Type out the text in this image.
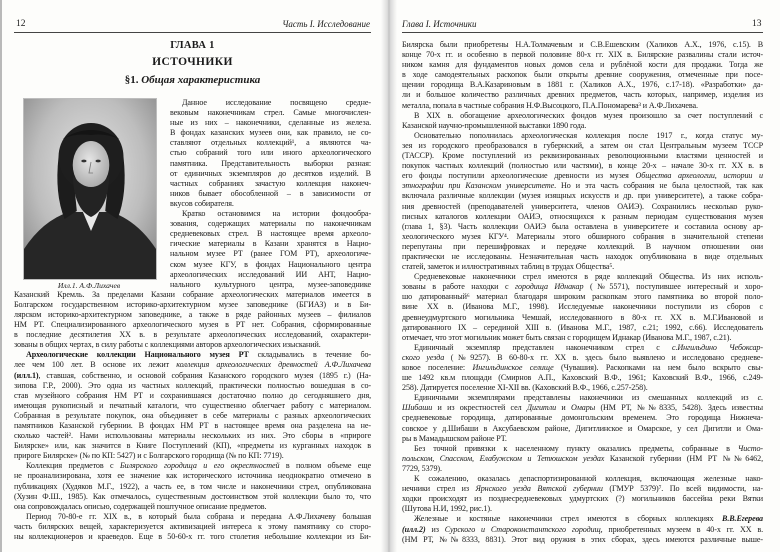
12	Часть I. Исследование
ГЛАВА 1
ИСТОЧНИКИ
§1. Общая характеристика
Илл.1. А.Ф.Лихачев
Данное исследование посвящено средне-
вековым наконечникам стрел. Самые многочислен-
ные из них – наконечники, сделанные из железа.
В фондах казанских музеев они, как правило, не со-
ставляют отдельных коллекций¹, а являются ча-
стью собраний того или иного археологического
памятника. Представительность выборки разная:
от единичных экземпляров до десятков изделий. В
частных собраниях зачастую коллекция наконеч-
ников бывает обособленной – в зависимости от
вкусов собирателя.
Кратко остановимся на истории фондообра-
зования, содержащих материалы по наконечникам
средневековых стрел. В настоящее время археоло-
гические материалы в Казани хранятся в Нацио-
нальном музее РТ (ранее ГОМ РТ), археологиче-
ском музее КГУ, в фондах Национального центра
археологических исследований ИИ АНТ, Нацио-
нального культурного центра, музее-заповеднике
Казанский Кремль. За пределами Казани собрание археологических материалов имеется в
Болгарском государственном историко-архитектурном музее заповеднике (БГИАЗ) и в Би-
лярском историко-архитектурном заповеднике, а также в ряде районных музеев – филиалов
НМ РТ. Специализированного археологического музея в РТ нет. Собрания, сформированные
в последние десятилетия XX в. в результате археологических исследований, охарактери-
зованы в общих чертах, в силу работы с коллекциями авторов археологических изысканий.
Археологические коллекции Национального музея РТ складывались в течение бо-
лее чем 100 лет. В основе их лежит коллекция археологических древностей А.Ф.Лихачева
(илл.1), ставшая, собственно, и основой собрания Казанского городского музея (1895 г.) (На-
зипова Г.Р., 2000). Это одна из частных коллекций, практически полностью вошедшая в со-
став музейного собрания НМ РТ и сохранившаяся достаточно полно до сегодняшнего дня,
имеющая рукописный и печатный каталоги, что существенно облегчает работу с материалом.
Собранная в результате покупок, она объединяет в себе материалы с разных археологических
памятников Казанской губернии. В фондах НМ РТ в настоящее время она разделена на не-
сколько частей². Нами использованы материалы нескольких из них. Это сборы в «прироге
Билярске» или, как значится в Книге Поступлений (КП), «предметы из курганных находок в
прироге Билярске» (№ по КП: 5427) и с Болгарского городища (№ по КП: 7719).
Коллекция предметов с Билярского городища и его окрестностей в полном объеме еще
не проанализирована, хотя ее значение как исторического источника неоднократно отмечено в
публикациях (Худяков М.Г., 1922), а часть ее, в том числе и наконечники стрел, опубликована
(Хузин Ф.Ш., 1985). Как отмечалось, существенным достоинством этой коллекции было то, что
она сопровождалась описью, содержащей поштучное описание предметов.
Период 70-80-е гг. XIX в., в который была собрана и передана А.Ф.Лихачеву большая
часть билярских вещей, характеризуется активизацией интереса к этому памятнику со сторо-
ны коллекционеров и краеведов. Еще в 50-60-х гг. того столетия небольшие коллекции из Би-
Глава I. Источники	13
Билярска были приобретены Н.А.Толмачевым и С.В.Ешевским (Халиков А.Х., 1976, с.15). В
конце 70-х гг. и особенно в первой половине 80-х гг. XIX в. Билярские развалины стали источ-
ником камня для фундаментов новых домов села и рублёной кости для продажи. Тогда же
в ходе самодеятельных раскопок были открыты древние сооружения, отмеченные при посе-
щении городища В.А.Казариновым в 1881 г. (Халиков А.Х., 1976, с.17-18). «Разработки» да-
ли и большое количество различных древних предметов, часть которых, например, изделия из
металла, попала в частные собрания Н.Ф.Высоцкого, П.А.Пономарева³ и А.Ф.Лихачева.
В XIX в. обогащение археологических фондов музея произошло за счет поступлений с
Казанской научно-промышленной выставки 1890 года.
Основательно пополнилась археологическая коллекция после 1917 г., когда статус му-
зея из городского преобразовался в губернский, а затем он стал Центральным музеем ТССР
(ТАССР). Кроме поступлений из реквизированных революционными властями ценностей и
покупок частных коллекций (полностью или частями), в конце 20-х – начале 30-х гг. XX в. в
его фонды поступили археологические древности из музея Общества археологии, истории и
этнографии при Казанском университете. Но и эта часть собрания не была целостной, так как
включала различные коллекции (музея изящных искусств и др. при университете), а также собра-
ния древностей (преподавателей университета, членов ОАИЭ). Сохранились несколько руко-
писных каталогов коллекции ОАИЭ, относящихся к разным периодам существования музея
(глава 1, §3). Часть коллекции ОАИЭ была оставлена в университете и составила основу ар-
хеологического музея КГУ⁴. Материалы этого обширного собрания в значительной степени
перепутаны при перешифровках и передаче коллекций. В научном отношении они
практически не исследованы. Незначительная часть находок опубликована в виде отдельных
статей, заметок и иллюстративных таблиц в трудах Общества⁵.
Средневековые наконечники стрел имеются в ряде коллекций Общества. Из них исполь-
зованы в работе находки с городища Иднакар (№5571), поступившее интересный и хоро-
шо датированный⁶ материал благодаря широким раскопкам этого памятника во второй поло-
вине XX в. (Иванова М.Г., 1998). Исследуемые наконечники поступили из сборов с
древнеудмуртского могильника Чемшай, исследованного в 80-х гг. XX в. М.Г.Ивановой и
датированного IX – серединой XIII в. (Иванова М.Г., 1987, с.21; 1992, с.66). Исследователь
отмечает, что этот могильник может быть связан с городищем Иднакар (Иванова М.Г., 1987, с.21).
Единичный экземпляр представлен наконечником стрел с с.Ингильдино Чебоксар-
ского уезда (№9257). В 60-80-х гг. XX в. здесь было выявлено и исследовано средневе-
ковое поселение: Ингильдинское селище (Чувашия). Раскопками на нем было вскрыто свы-
ше 1492 кв.м площади (Смирнов А.П., Каховский В.Ф., 1961; Каховский В.Ф., 1966, с.249-
258). Датируется поселение XI-XII вв. (Каховский В.Ф., 1966, с.257-258).
Единичными экземплярами представлены наконечники из смешанных коллекций из с.
Шибаши и из окрестностей сел Дигитли и Омары (НМ РТ, №№8335, 5428). Здесь известны
средневековые городища, датированные домонгольским временем. Это городища Нижнеча-
совское у д.Шибаши в Аксубаевском районе, Дигитлинское и Омарское, у сел Дигитли и Ома-
ры в Мамадышском районе РТ.
Без точной привязки к населенному пункту оказались предметы, собранные в Чисто-
польском, Спасском, Елабужском и Тетюшском уездах Казанской губернии (НМ РТ №№6462,
7729, 5379).
К сожалению, оказалась депаспортизированной коллекция, включающая железные нако-
нечники стрел из Ярнского уезда Вятской губернии (ГМУР 5379)⁷. По всей видимости, на-
ходки происходят из позднесредневековых удмуртских (?) могильников бассейна реки Вятки
(Шутова Н.И, 1992, рис.1).
Железные и костяные наконечники стрел имеются в сборных коллекциях В.В.Егерева
(илл.2) из Сурского и Староконстантского городищ, приобретенных музеем в 40-х гг. XX в.
(НМ РТ, №№8333, 8831). Этот вид оружия в этих сборах, здесь имеются различные выше-
